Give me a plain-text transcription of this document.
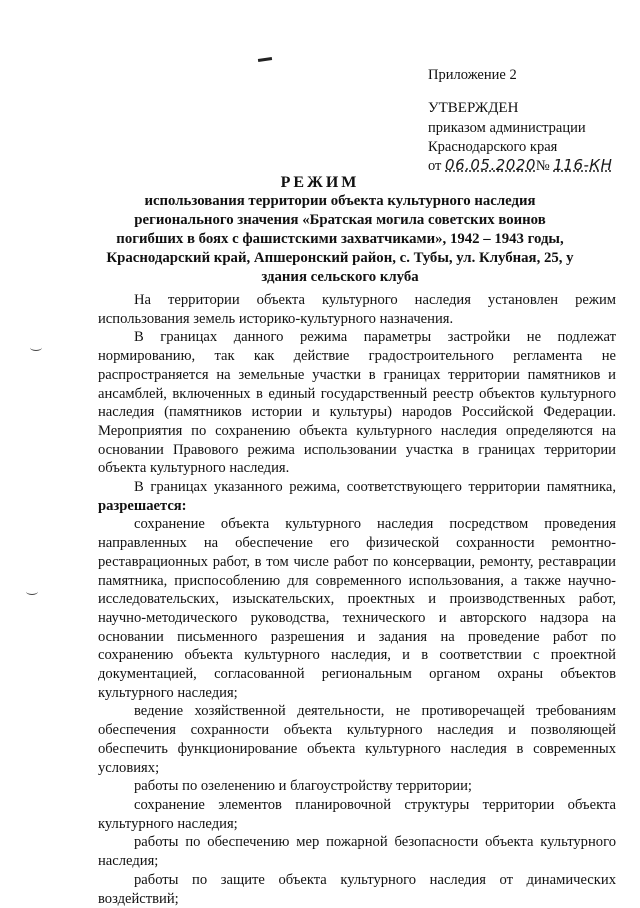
Приложение 2
УТВЕРЖДЕН
приказом администрации
Краснодарского края
от 06.05.2020№ 116-КН
РЕЖИМ
использования территории объекта культурного наследия регионального значения «Братская могила советских воинов погибших в боях с фашистскими захватчиками», 1942 – 1943 годы, Краснодарский край, Апшеронский район, с. Тубы, ул. Клубная, 25, у здания сельского клуба

На территории объекта культурного наследия установлен режим использования земель историко-культурного назначения.

В границах данного режима параметры застройки не подлежат нормированию, так как действие градостроительного регламента не распространяется на земельные участки в границах территории памятников и ансамблей, включенных в единый государственный реестр объектов культурного наследия (памятников истории и культуры) народов Российской Федерации. Мероприятия по сохранению объекта культурного наследия определяются на основании Правового режима использовании участка в границах территории объекта культурного наследия.

В границах указанного режима, соответствующего территории памятника, разрешается:

сохранение объекта культурного наследия посредством проведения направленных на обеспечение его физической сохранности ремонтно-реставрационных работ, в том числе работ по консервации, ремонту, реставрации памятника, приспособлению для современного использования, а также научно-исследовательских, изыскательских, проектных и производственных работ, научно-методического руководства, технического и авторского надзора на основании письменного разрешения и задания на проведение работ по сохранению объекта культурного наследия, и в соответствии с проектной документацией, согласованной региональным органом охраны объектов культурного наследия;

ведение хозяйственной деятельности, не противоречащей требованиям обеспечения сохранности объекта культурного наследия и позволяющей обеспечить функционирование объекта культурного наследия в современных условиях;

работы по озеленению и благоустройству территории;

сохранение элементов планировочной структуры территории объекта культурного наследия;

работы по обеспечению мер пожарной безопасности объекта культурного наследия;

работы по защите объекта культурного наследия от динамических воздействий;
